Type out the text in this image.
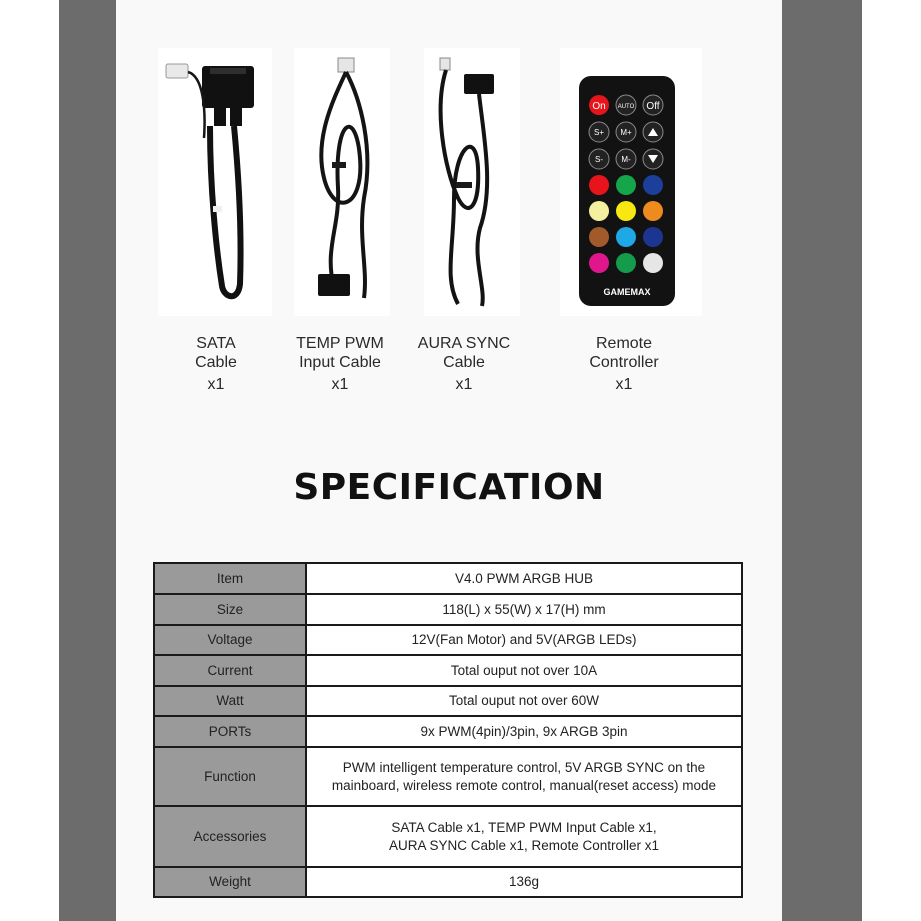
On AUTO Off
S+ M+
S- M-
GAMEMAX
SATA
Cable
x1
TEMP PWM
Input Cable
x1
AURA SYNC
Cable
x1
Remote
Controller
x1
SPECIFICATION
Item	V4.0 PWM ARGB HUB
Size	118(L) x 55(W) x 17(H) mm
Voltage	12V(Fan Motor) and 5V(ARGB LEDs)
Current	Total ouput not over 10A
Watt	Total ouput not over 60W
PORTs	9x PWM(4pin)/3pin, 9x ARGB 3pin
Function	PWM intelligent temperature control, 5V ARGB SYNC on the mainboard, wireless remote control, manual(reset access) mode
Accessories	SATA Cable x1, TEMP PWM Input Cable x1, AURA SYNC Cable x1, Remote Controller x1
Weight	136g
